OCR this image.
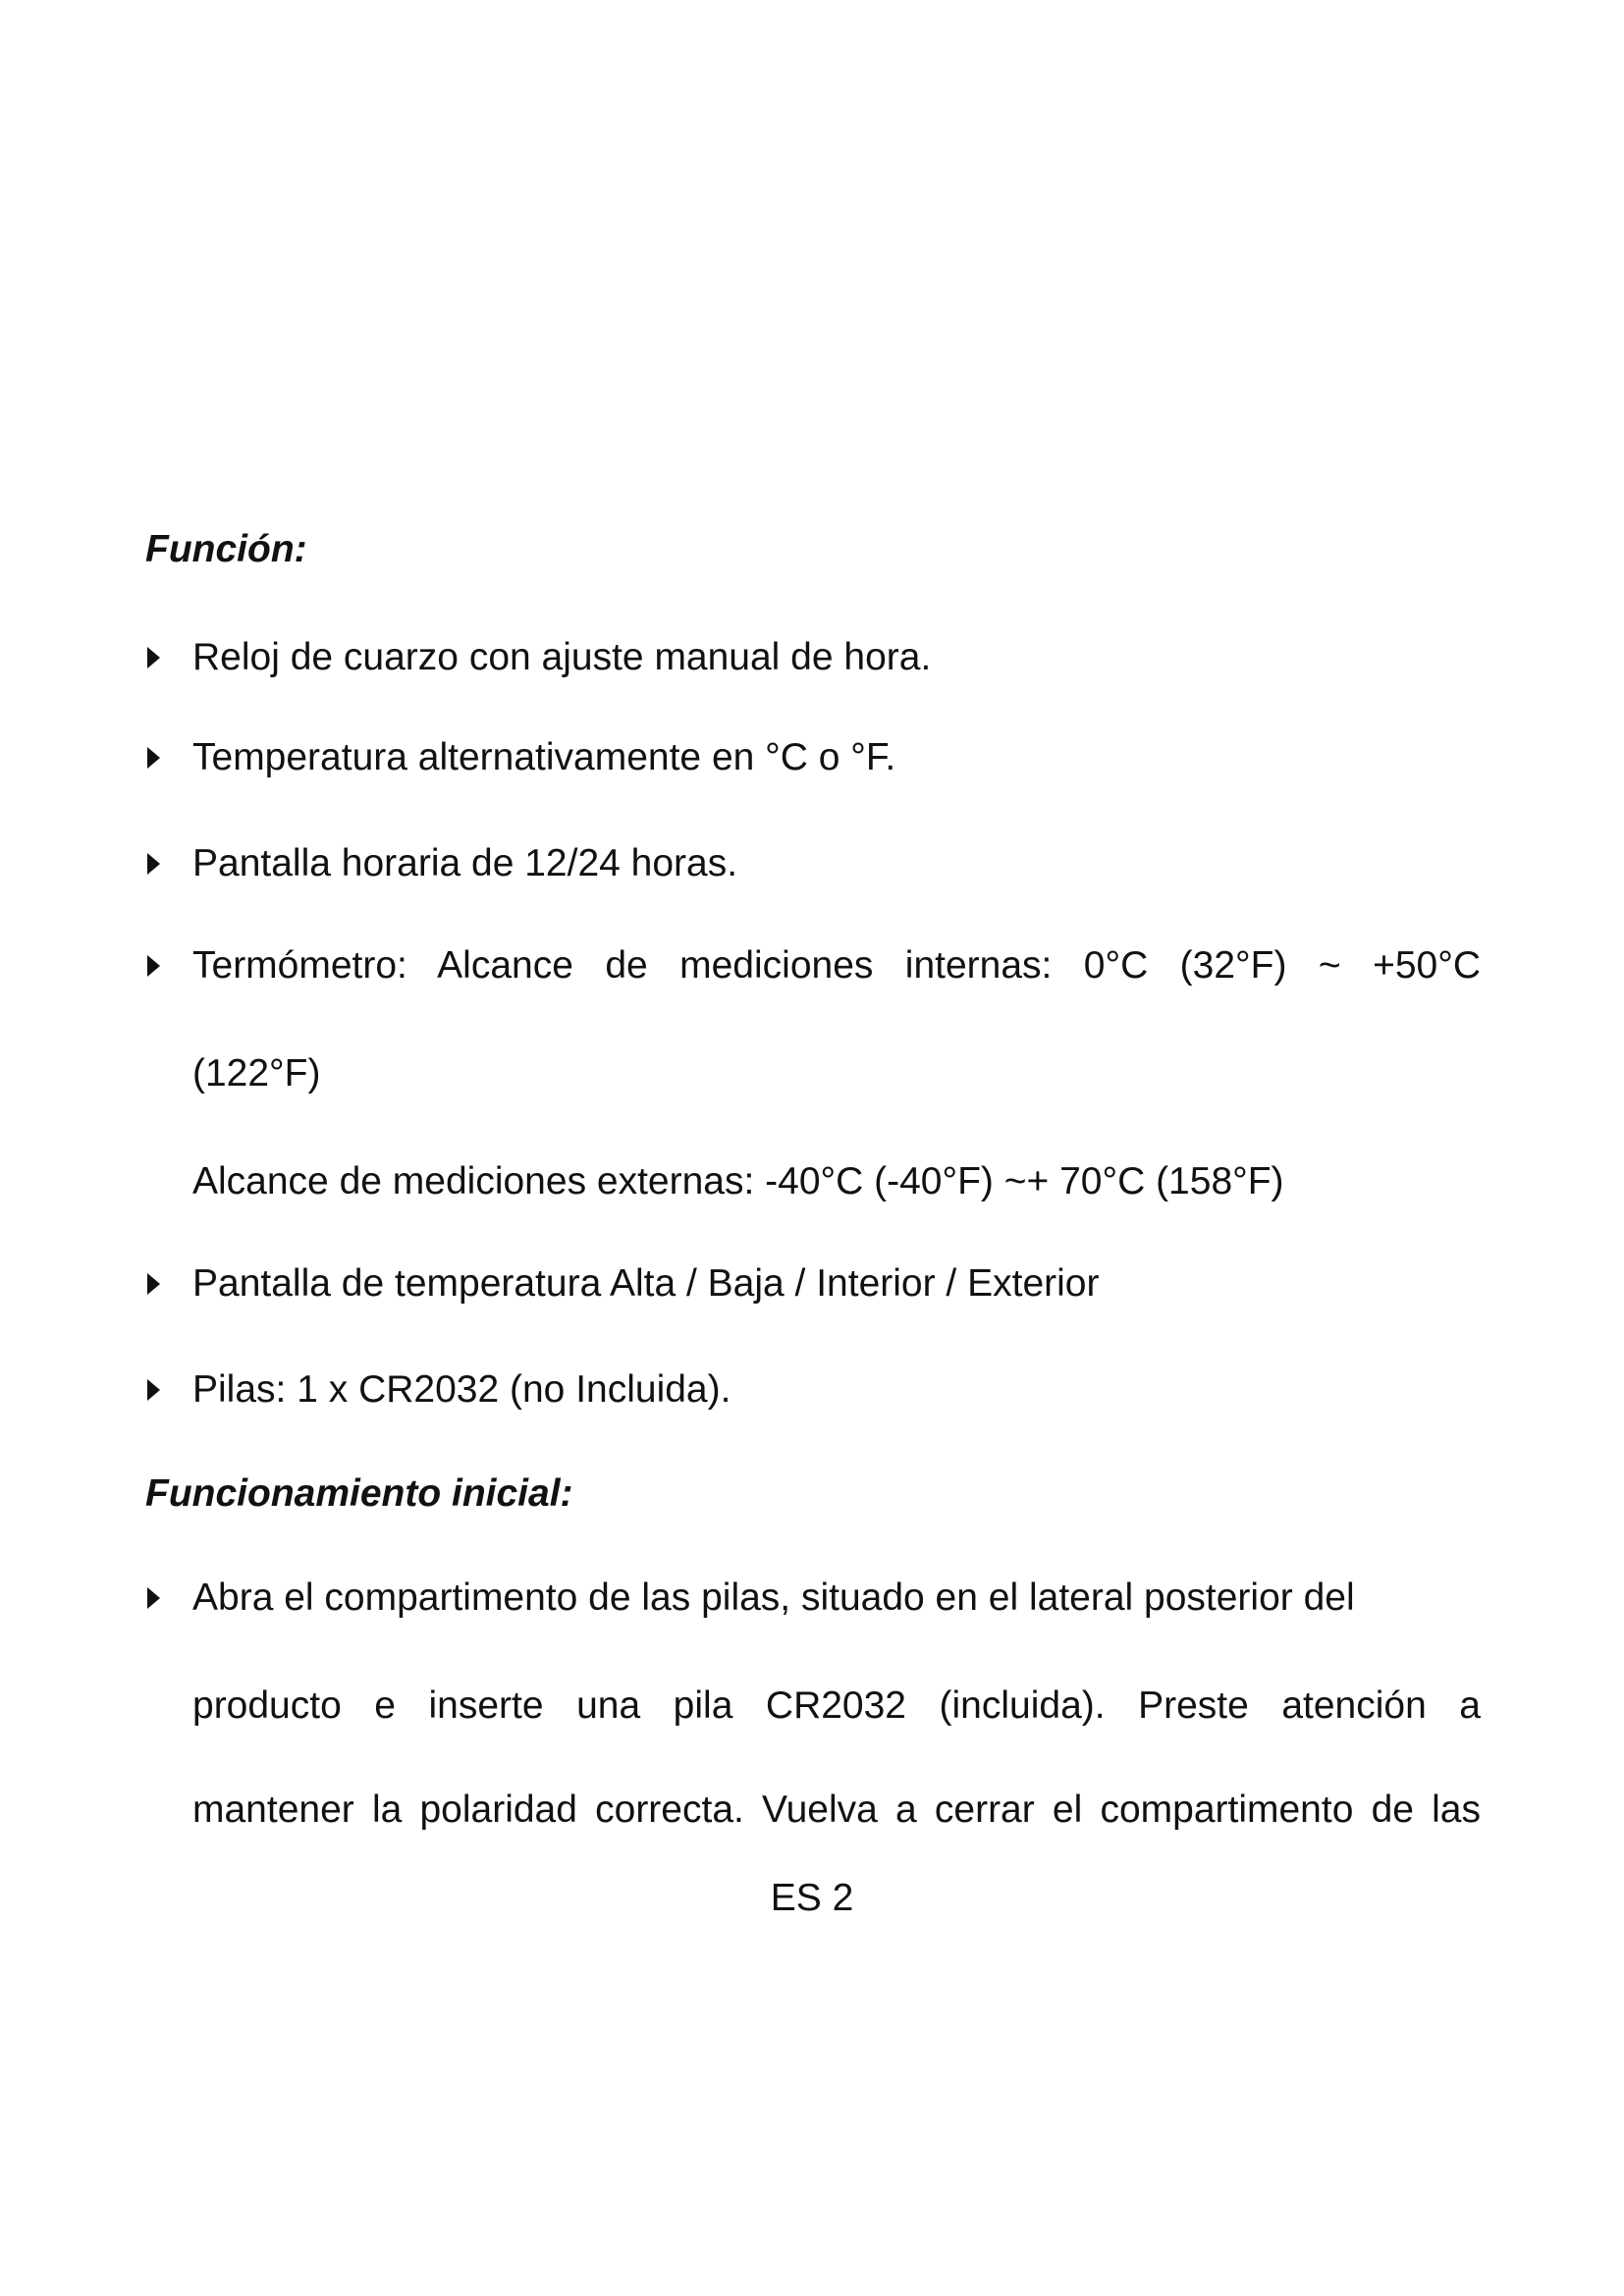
Función:
Reloj de cuarzo con ajuste manual de hora.
Temperatura alternativamente en °C o °F.
Pantalla horaria de 12/24 horas.
Termómetro: Alcance de mediciones internas: 0°C (32°F) ~ +50°C
(122°F)
Alcance de mediciones externas: -40°C (-40°F) ~+ 70°C (158°F)
Pantalla de temperatura Alta / Baja / Interior / Exterior
Pilas: 1 x CR2032 (no Incluida).
Funcionamiento inicial:
Abra el compartimento de las pilas, situado en el lateral posterior del
producto e inserte una pila CR2032 (incluida). Preste atención a
mantener la polaridad correcta. Vuelva a cerrar el compartimento de las
ES 2
